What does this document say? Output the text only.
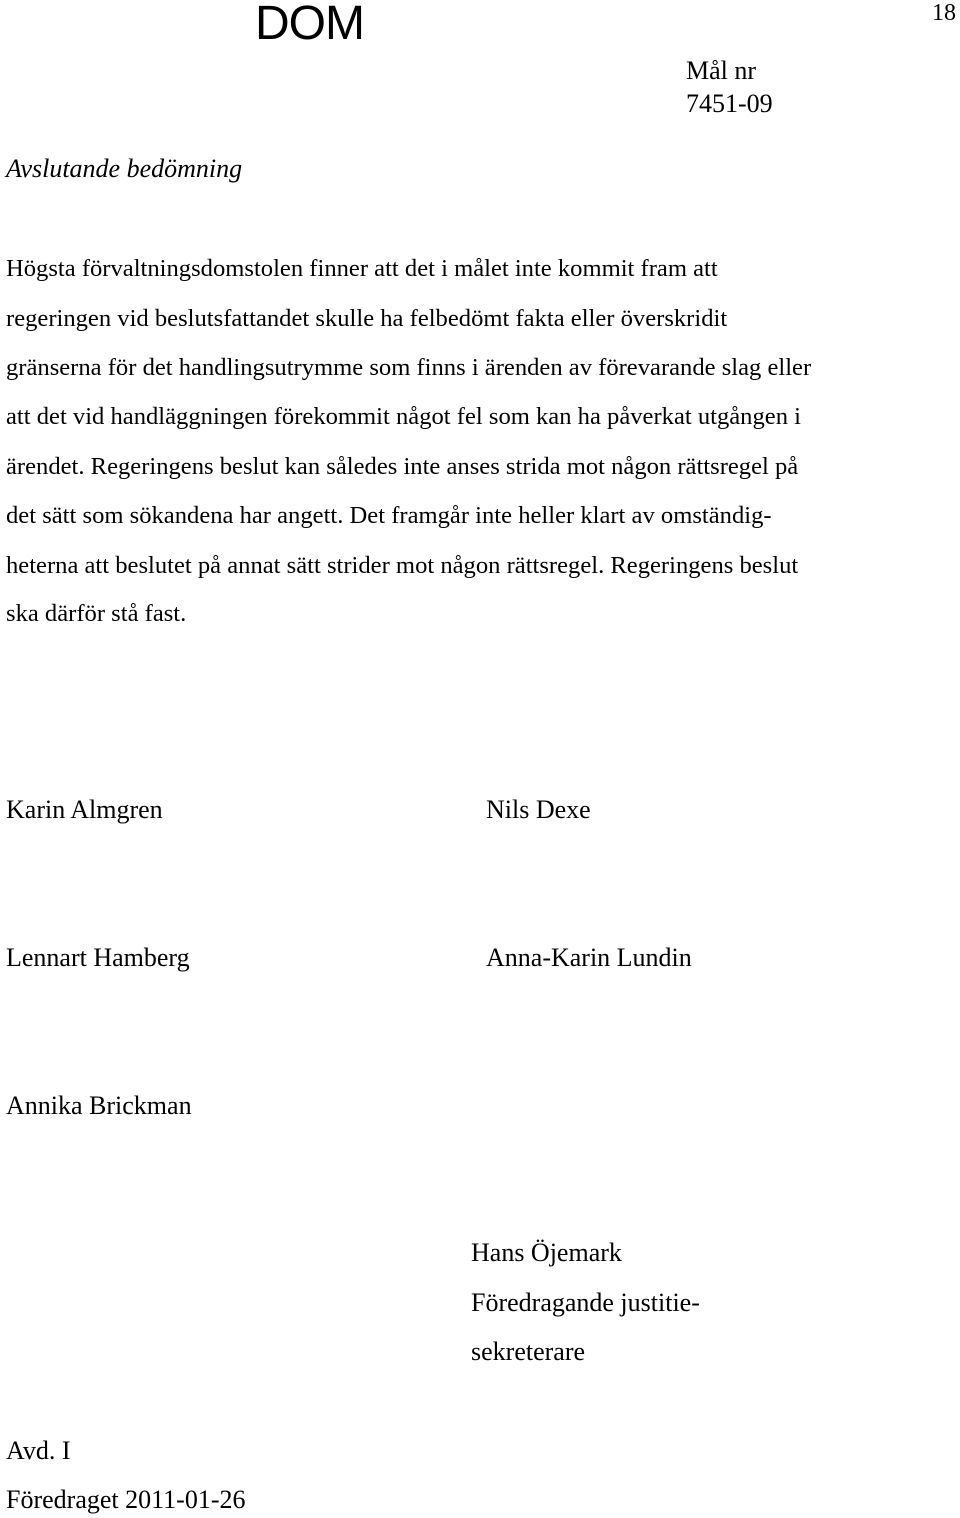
DOM	18
Mål nr
7451-09
Avslutande bedömning
Högsta förvaltningsdomstolen finner att det i målet inte kommit fram att
regeringen vid beslutsfattandet skulle ha felbedömt fakta eller överskridit
gränserna för det handlingsutrymme som finns i ärenden av förevarande slag eller
att det vid handläggningen förekommit något fel som kan ha påverkat utgången i
ärendet. Regeringens beslut kan således inte anses strida mot någon rättsregel på
det sätt som sökandena har angett. Det framgår inte heller klart av omständig-
heterna att beslutet på annat sätt strider mot någon rättsregel. Regeringens beslut
ska därför stå fast.
Karin Almgren	Nils Dexe
Lennart Hamberg	Anna-Karin Lundin
Annika Brickman
Hans Öjemark
Föredragande justitie-
sekreterare
Avd. I
Föredraget 2011-01-26
